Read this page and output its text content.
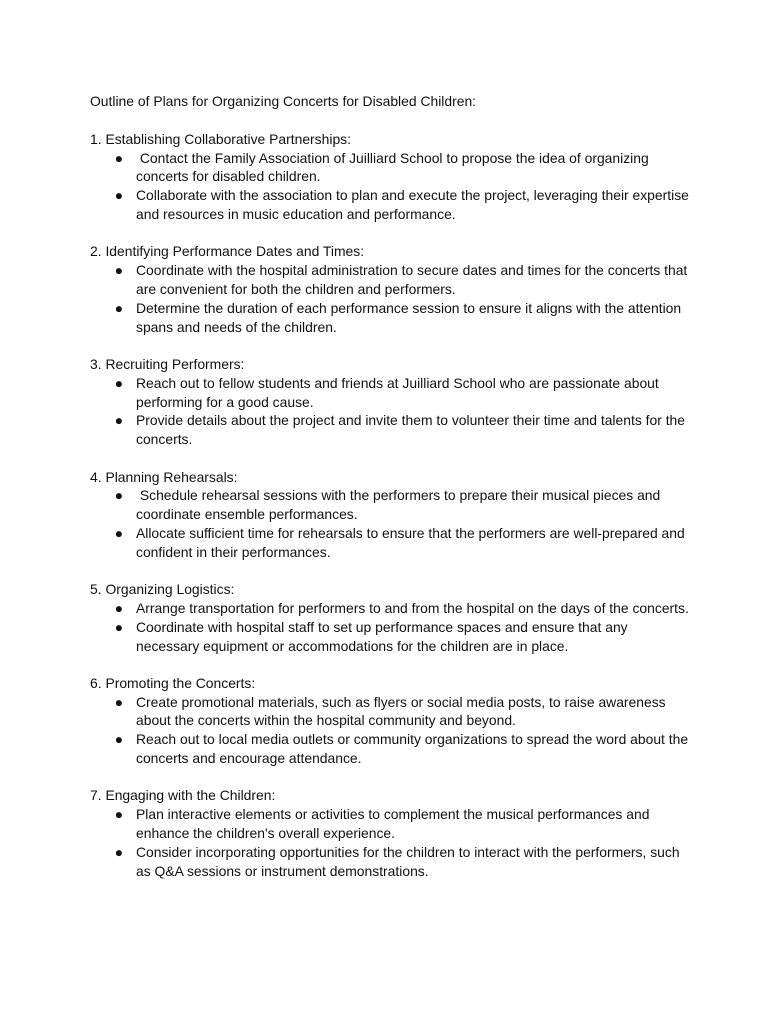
Outline of Plans for Organizing Concerts for Disabled Children:

1. Establishing Collaborative Partnerships:

● Contact the Family Association of Juilliard School to propose the idea of organizing concerts for disabled children.
● Collaborate with the association to plan and execute the project, leveraging their expertise and resources in music education and performance.

2. Identifying Performance Dates and Times:

● Coordinate with the hospital administration to secure dates and times for the concerts that are convenient for both the children and performers.
● Determine the duration of each performance session to ensure it aligns with the attention spans and needs of the children.

3. Recruiting Performers:

● Reach out to fellow students and friends at Juilliard School who are passionate about performing for a good cause.
● Provide details about the project and invite them to volunteer their time and talents for the concerts.

4. Planning Rehearsals:

● Schedule rehearsal sessions with the performers to prepare their musical pieces and coordinate ensemble performances.
● Allocate sufficient time for rehearsals to ensure that the performers are well-prepared and confident in their performances.

5. Organizing Logistics:

● Arrange transportation for performers to and from the hospital on the days of the concerts.
● Coordinate with hospital staff to set up performance spaces and ensure that any necessary equipment or accommodations for the children are in place.

6. Promoting the Concerts:

● Create promotional materials, such as flyers or social media posts, to raise awareness about the concerts within the hospital community and beyond.
● Reach out to local media outlets or community organizations to spread the word about the concerts and encourage attendance.

7. Engaging with the Children:

● Plan interactive elements or activities to complement the musical performances and enhance the children's overall experience.
● Consider incorporating opportunities for the children to interact with the performers, such as Q&A sessions or instrument demonstrations.
